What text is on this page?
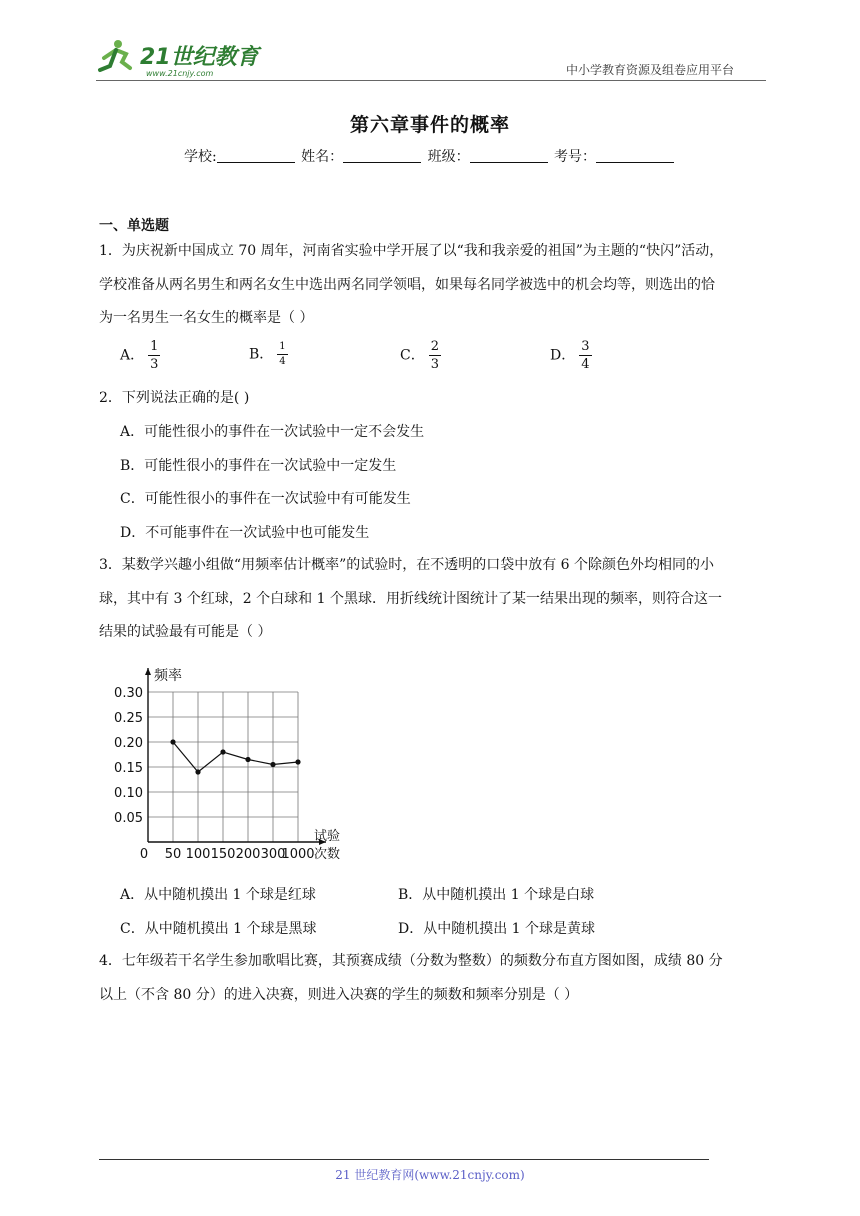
21世纪教育
www.21cnjy.com	中小学教育资源及组卷应用平台
第六章事件的概率
学校:	姓名：	班级：	考号：
一、单选题
1．为庆祝新中国成立 70 周年，河南省实验中学开展了以“我和我亲爱的祖国”为主题的“快闪”活动，
学校准备从两名男生和两名女生中选出两名同学领唱，如果每名同学被选中的机会均等，则选出的恰
为一名男生一名女生的概率是（ ）
A． $\frac{1}{3}$	B． $\frac{1}{4}$	C． $\frac{2}{3}$	D． $\frac{3}{4}$
2．下列说法正确的是( )
A．可能性很小的事件在一次试验中一定不会发生
B．可能性很小的事件在一次试验中一定发生
C．可能性很小的事件在一次试验中有可能发生
D．不可能事件在一次试验中也可能发生
3．某数学兴趣小组做“用频率估计概率”的试验时，在不透明的口袋中放有 6 个除颜色外均相同的小
球，其中有 3 个红球，2 个白球和 1 个黑球．用折线统计图统计了某一结果出现的频率，则符合这一
结果的试验最有可能是（ ）
0.30
0.25
0.20
0.15
0.10
0.05
0 50 100 150 200 300
1000
频率
试验
次数
A．从中随机摸出 1 个球是红球	B．从中随机摸出 1 个球是白球
C．从中随机摸出 1 个球是黑球	D．从中随机摸出 1 个球是黄球
4．七年级若干名学生参加歌唱比赛，其预赛成绩（分数为整数）的频数分布直方图如图，成绩 80 分
以上（不含 80 分）的进入决赛，则进入决赛的学生的频数和频率分别是（ ）
21 世纪教育网(www.21cnjy.com)
